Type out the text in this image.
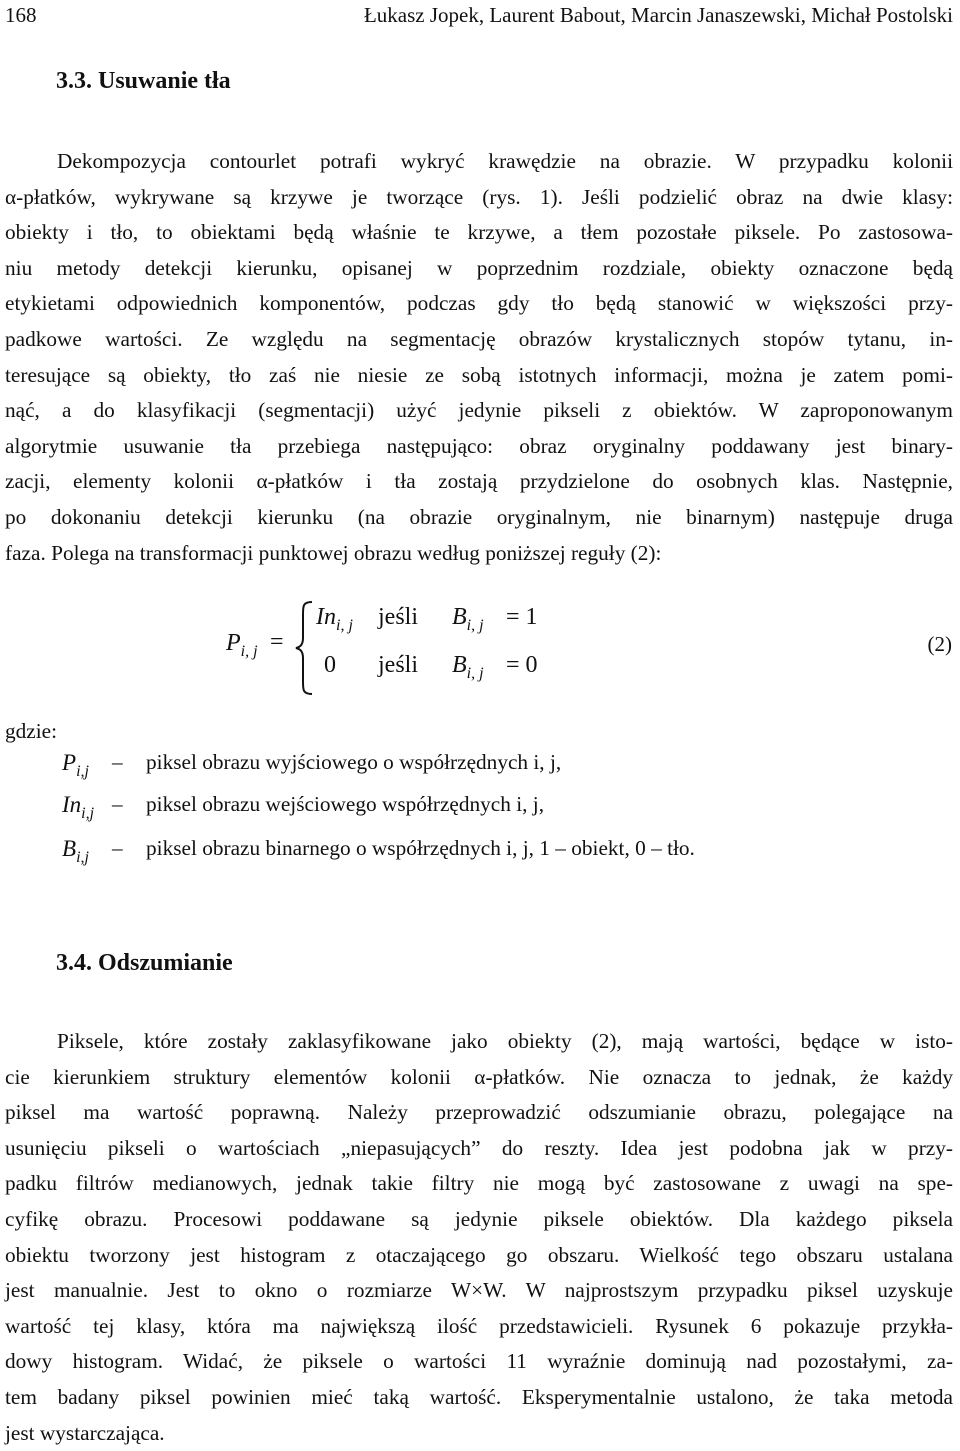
168	Łukasz Jopek, Laurent Babout, Marcin Janaszewski, Michał Postolski
3.3. Usuwanie tła
Dekompozycja contourlet potrafi wykryć krawędzie na obrazie. W przypadku kolonii
α-płatków, wykrywane są krzywe je tworzące (rys. 1). Jeśli podzielić obraz na dwie klasy:
obiekty i tło, to obiektami będą właśnie te krzywe, a tłem pozostałe piksele. Po zastosowa-
niu metody detekcji kierunku, opisanej w poprzednim rozdziale, obiekty oznaczone będą
etykietami odpowiednich komponentów, podczas gdy tło będą stanowić w większości przy-
padkowe wartości. Ze względu na segmentację obrazów krystalicznych stopów tytanu, in-
teresujące są obiekty, tło zaś nie niesie ze sobą istotnych informacji, można je zatem pomi-
nąć, a do klasyfikacji (segmentacji) użyć jedynie pikseli z obiektów. W zaproponowanym
algorytmie usuwanie tła przebiega następująco: obraz oryginalny poddawany jest binary-
zacji, elementy kolonii α-płatków i tła zostają przydzielone do osobnych klas. Następnie,
po dokonaniu detekcji kierunku (na obrazie oryginalnym, nie binarnym) następuje druga
faza. Polega na transformacji punktowej obrazu według poniższej reguły (2):
$P_{i, j}$ =
$In_{i, j}$ jeśli $B_{i, j} = 1$
0 jeśli $B_{i, j} = 0$
(2)
gdzie:
$P_{i,j}$ – piksel obrazu wyjściowego o współrzędnych i, j,
$In_{i,j}$ – piksel obrazu wejściowego współrzędnych i, j,
$B_{i,j}$ – piksel obrazu binarnego o współrzędnych i, j, 1 – obiekt, 0 – tło.
3.4. Odszumianie
Piksele, które zostały zaklasyfikowane jako obiekty (2), mają wartości, będące w isto-
cie kierunkiem struktury elementów kolonii α-płatków. Nie oznacza to jednak, że każdy
piksel ma wartość poprawną. Należy przeprowadzić odszumianie obrazu, polegające na
usunięciu pikseli o wartościach „niepasujących” do reszty. Idea jest podobna jak w przy-
padku filtrów medianowych, jednak takie filtry nie mogą być zastosowane z uwagi na spe-
cyfikę obrazu. Procesowi poddawane są jedynie piksele obiektów. Dla każdego piksela
obiektu tworzony jest histogram z otaczającego go obszaru. Wielkość tego obszaru ustalana
jest manualnie. Jest to okno o rozmiarze W×W. W najprostszym przypadku piksel uzyskuje
wartość tej klasy, która ma największą ilość przedstawicieli. Rysunek 6 pokazuje przykła-
dowy histogram. Widać, że piksele o wartości 11 wyraźnie dominują nad pozostałymi, za-
tem badany piksel powinien mieć taką wartość. Eksperymentalnie ustalono, że taka metoda
jest wystarczająca.
